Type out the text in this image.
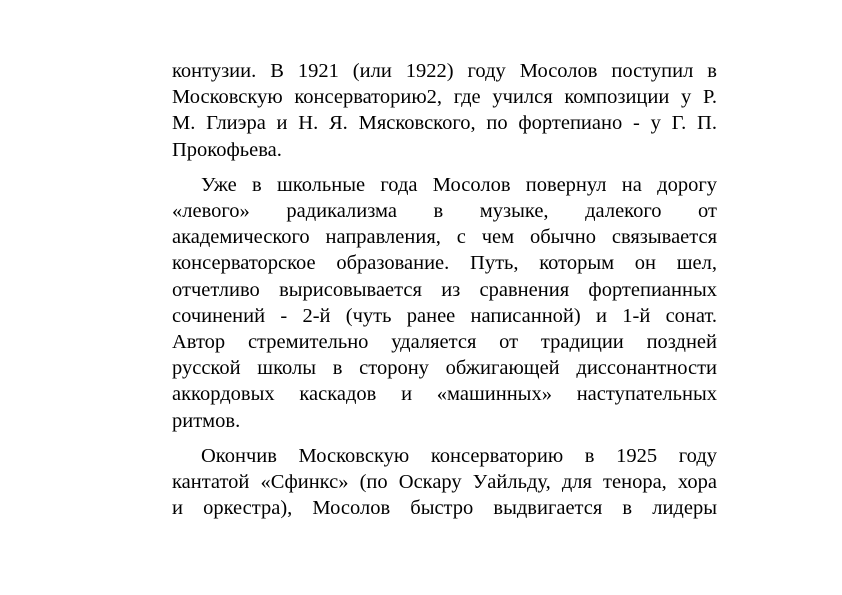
контузии. В 1921 (или 1922) году Мосолов поступил в
Московскую консерваторию2, где учился композиции у Р.
М. Глиэра и Н. Я. Мясковского, по фортепиано - у Г. П.
Прокофьева.

Уже в школьные года Мосолов повернул на дорогу
«левого» радикализма в музыке, далекого от
академического направления, с чем обычно связывается
консерваторское образование. Путь, которым он шел,
отчетливо вырисовывается из сравнения фортепианных
сочинений - 2-й (чуть ранее написанной) и 1-й сонат.
Автор стремительно удаляется от традиции поздней
русской школы в сторону обжигающей диссонантности
аккордовых каскадов и «машинных» наступательных
ритмов.

Окончив Московскую консерваторию в 1925 году
кантатой «Сфинкс» (по Оскару Уайльду, для тенора, хора
и оркестра), Мосолов быстро выдвигается в лидеры
